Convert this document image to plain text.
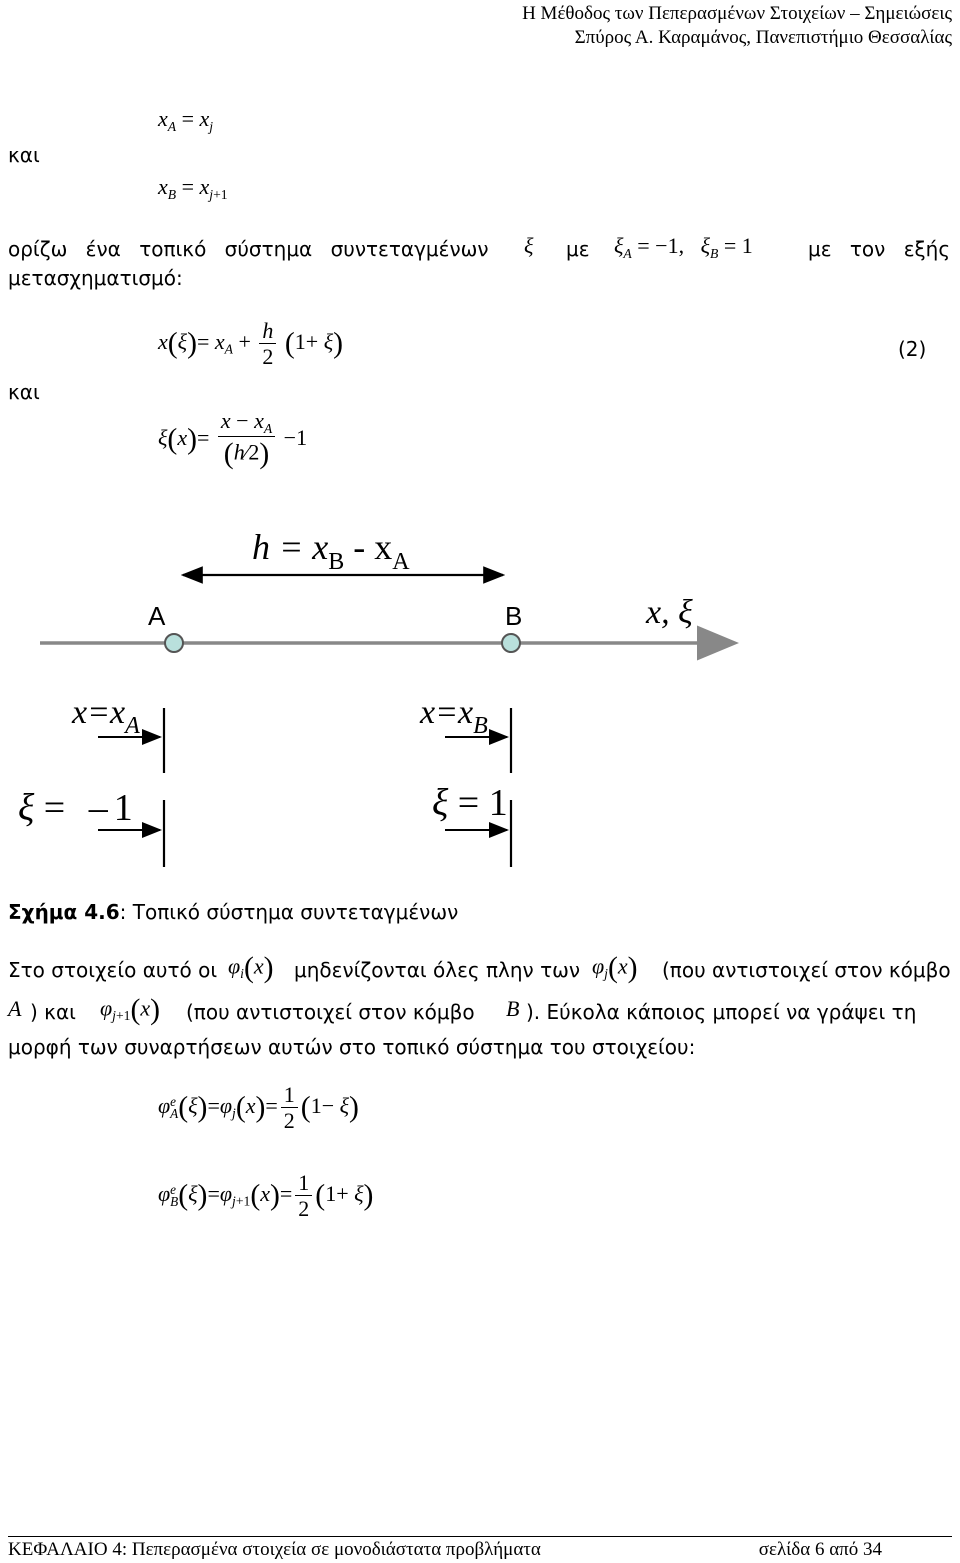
Η Μέθοδος των Πεπερασμένων Στοιχείων – Σημειώσεις
Σπύρος Α. Καραμάνος, Πανεπιστήμιο Θεσσαλίας
$x_A = x_j$
και
$x_B = x_{j+1}$
ορίζω ένα τοπικό σύστημα συντεταγμένων ξ με $\xi_A = -1$, $\xi_B = 1$	με τον εξής
μετασχηματισμό:
$x(\xi)= x_A + \frac{h}{2} (1+ \xi)$	(2)
και
$\xi(x)= \frac{x - x_A}{(h⁄2)} -1$
$h = x_B - x_A$
A	B	x, ξ
$x=x_A$	$x=x_B$
ξ = – 1	ξ = 1
Σχήμα 4.6: Τοπικό σύστημα συντεταγμένων
Στο στοιχείο αυτό οι $\varphi_i(x)$ μηδενίζονται όλες πλην των $\varphi_j(x)$ (που αντιστοιχεί στον κόμβο
A ) και $\varphi_{j+1}(x)$ (που αντιστοιχεί στον κόμβο B ). Εύκολα κάποιος μπορεί να γράψει τη
μορφή των συναρτήσεων αυτών στο τοπικό σύστημα του στοιχείου:
φ e
A $(\xi)=\varphi_j(x)= \frac{1}{2} (1- \xi)$
φ e
B $(\xi)=\varphi_{j+1}(x)= \frac{1}{2} (1+ \xi)$
ΚΕΦΑΛΑΙΟ 4: Πεπερασμένα στοιχεία σε μονοδιάστατα προβλήματα	σελίδα 6 από 34
